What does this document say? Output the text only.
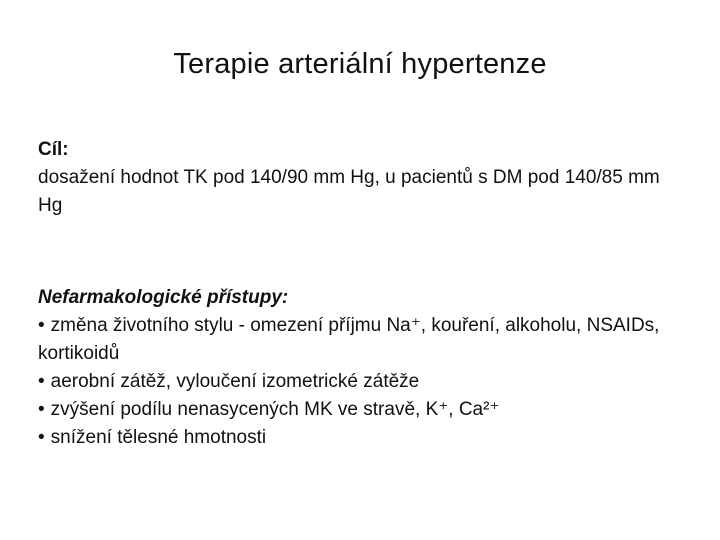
Terapie arteriální hypertenze
Cíl:
dosažení hodnot TK pod 140/90 mm Hg, u pacientů s DM pod 140/85 mm Hg
Nefarmakologické přístupy:
• změna životního stylu - omezení příjmu Na⁺, kouření, alkoholu, NSAIDs, kortikoidů
• aerobní zátěž, vyloučení izometrické zátěže
• zvýšení podílu nenasycených MK ve stravě, K⁺, Ca²⁺
• snížení tělesné hmotnosti
